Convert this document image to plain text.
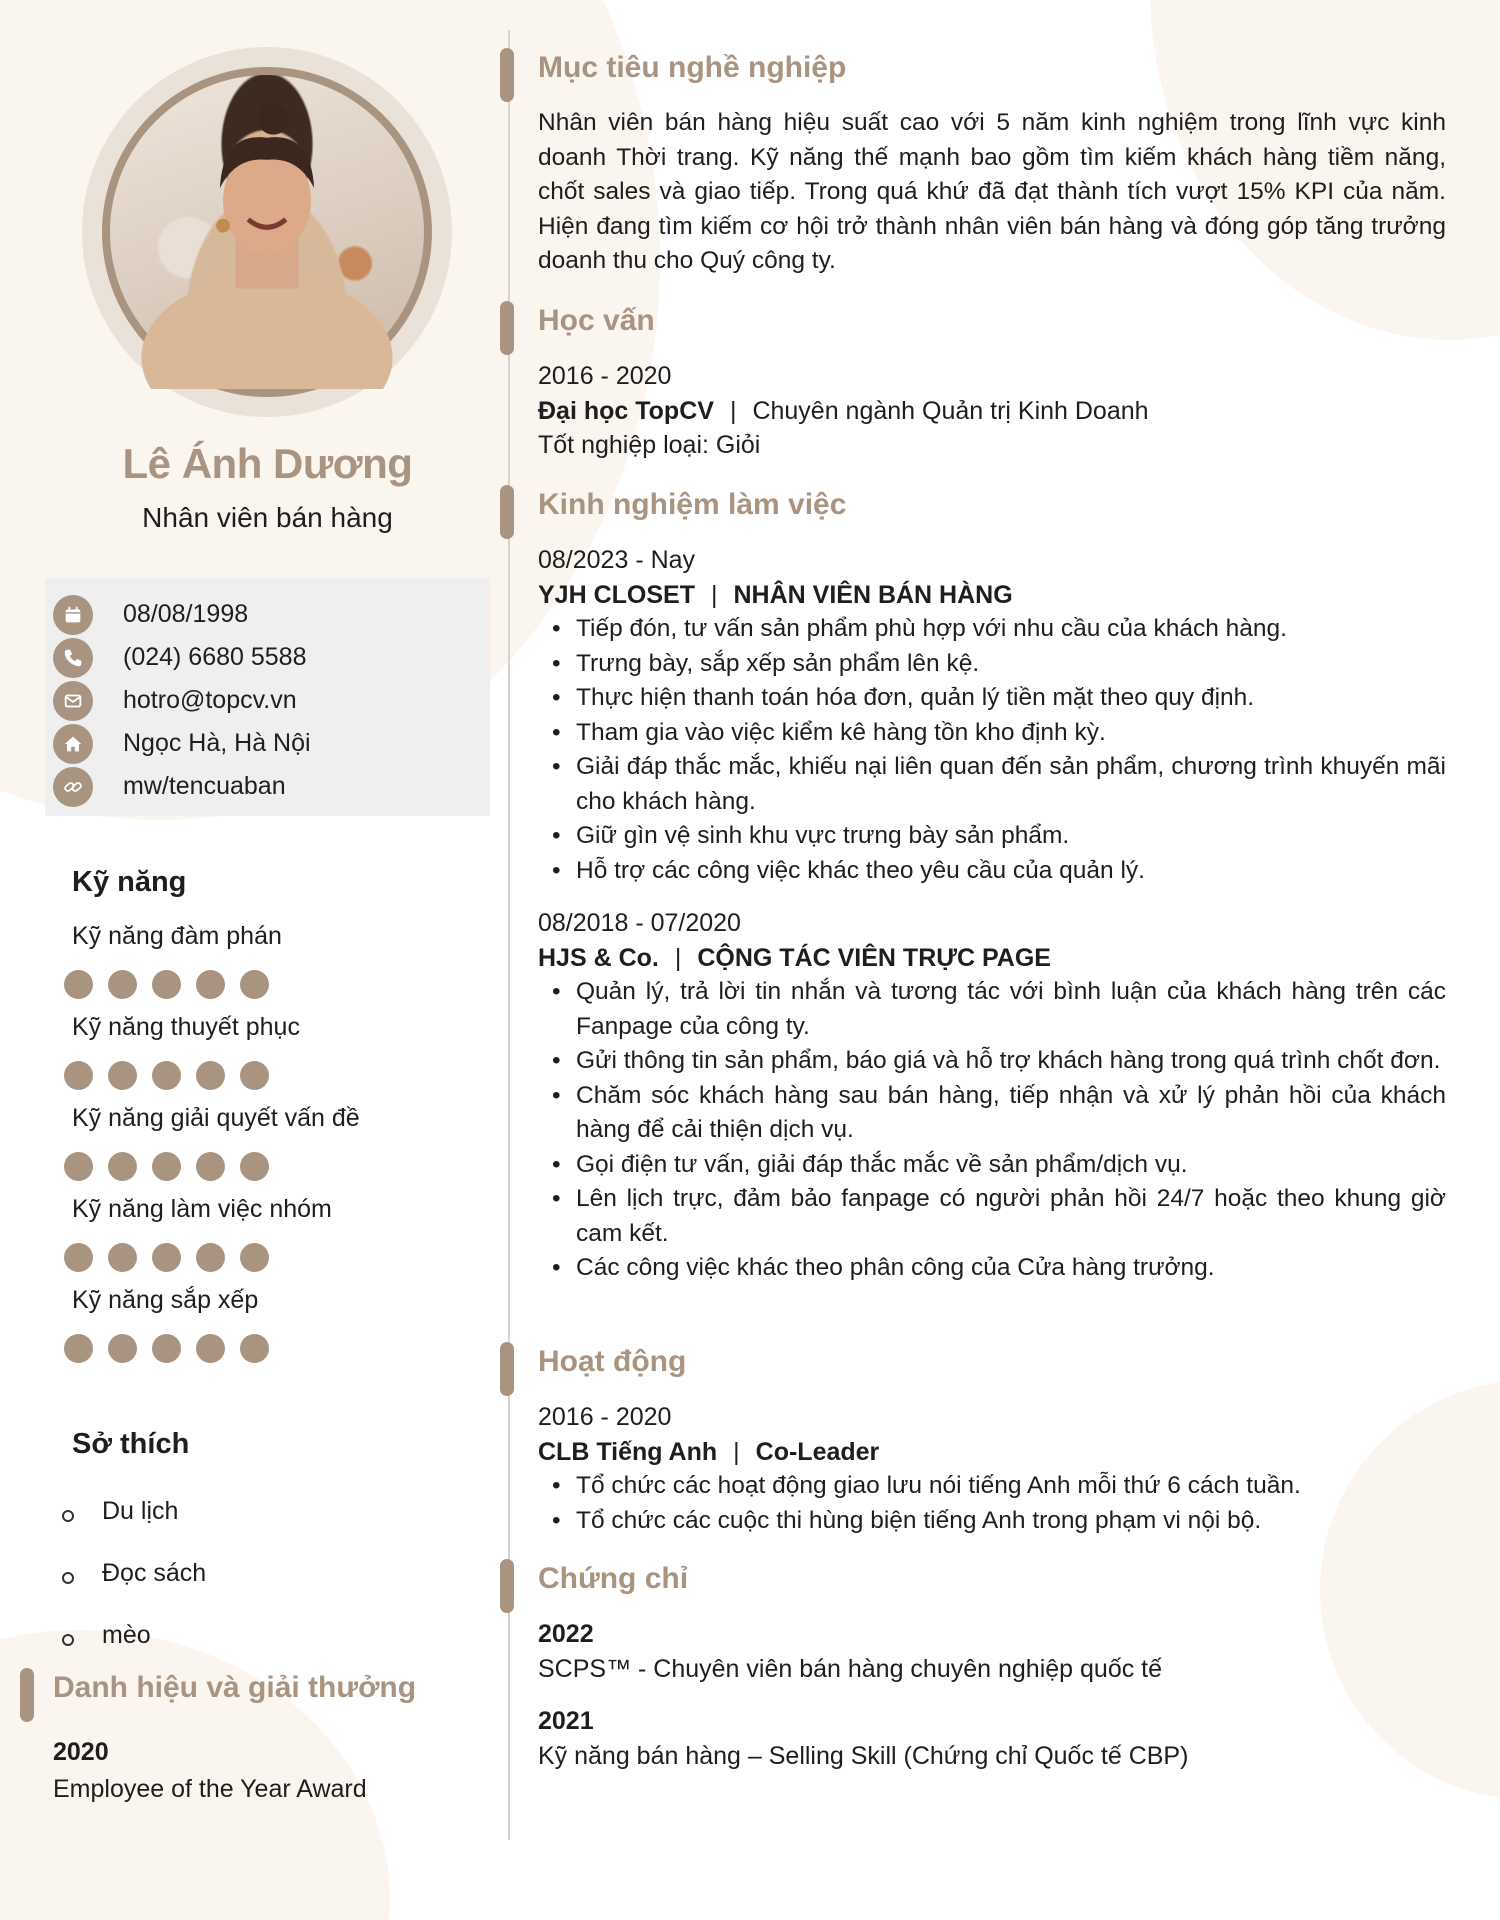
Lê Ánh Dương
Nhân viên bán hàng
08/08/1998
(024) 6680 5588
hotro@topcv.vn
Ngọc Hà, Hà Nội
mw/tencuaban
Kỹ năng
Kỹ năng đàm phán
Kỹ năng thuyết phục
Kỹ năng giải quyết vấn đề
Kỹ năng làm việc nhóm
Kỹ năng sắp xếp
Sở thích
Du lịch
Đọc sách
mèo
Danh hiệu và giải thưởng
2020
Employee of the Year Award
Mục tiêu nghề nghiệp
Nhân viên bán hàng hiệu suất cao với 5 năm kinh nghiệm trong lĩnh vực kinh doanh Thời trang. Kỹ năng thế mạnh bao gồm tìm kiếm khách hàng tiềm năng, chốt sales và giao tiếp. Trong quá khứ đã đạt thành tích vượt 15% KPI của năm. Hiện đang tìm kiếm cơ hội trở thành nhân viên bán hàng và đóng góp tăng trưởng doanh thu cho Quý công ty.
Học vấn
2016 - 2020
Đại học TopCV | Chuyên ngành Quản trị Kinh Doanh
Tốt nghiệp loại: Giỏi
Kinh nghiệm làm việc
08/2023 - Nay
YJH CLOSET | NHÂN VIÊN BÁN HÀNG
• Tiếp đón, tư vấn sản phẩm phù hợp với nhu cầu của khách hàng.
• Trưng bày, sắp xếp sản phẩm lên kệ.
• Thực hiện thanh toán hóa đơn, quản lý tiền mặt theo quy định.
• Tham gia vào việc kiểm kê hàng tồn kho định kỳ.
• Giải đáp thắc mắc, khiếu nại liên quan đến sản phẩm, chương trình khuyến mãi cho khách hàng.
• Giữ gìn vệ sinh khu vực trưng bày sản phẩm.
• Hỗ trợ các công việc khác theo yêu cầu của quản lý.
08/2018 - 07/2020
HJS & Co. | CỘNG TÁC VIÊN TRỰC PAGE
• Quản lý, trả lời tin nhắn và tương tác với bình luận của khách hàng trên các Fanpage của công ty.
• Gửi thông tin sản phẩm, báo giá và hỗ trợ khách hàng trong quá trình chốt đơn.
• Chăm sóc khách hàng sau bán hàng, tiếp nhận và xử lý phản hồi của khách hàng để cải thiện dịch vụ.
• Gọi điện tư vấn, giải đáp thắc mắc về sản phẩm/dịch vụ.
• Lên lịch trực, đảm bảo fanpage có người phản hồi 24/7 hoặc theo khung giờ cam kết.
• Các công việc khác theo phân công của Cửa hàng trưởng.
Hoạt động
2016 - 2020
CLB Tiếng Anh | Co-Leader
• Tổ chức các hoạt động giao lưu nói tiếng Anh mỗi thứ 6 cách tuần.
• Tổ chức các cuộc thi hùng biện tiếng Anh trong phạm vi nội bộ.
Chứng chỉ
2022
SCPS™ - Chuyên viên bán hàng chuyên nghiệp quốc tế
2021
Kỹ năng bán hàng – Selling Skill (Chứng chỉ Quốc tế CBP)
